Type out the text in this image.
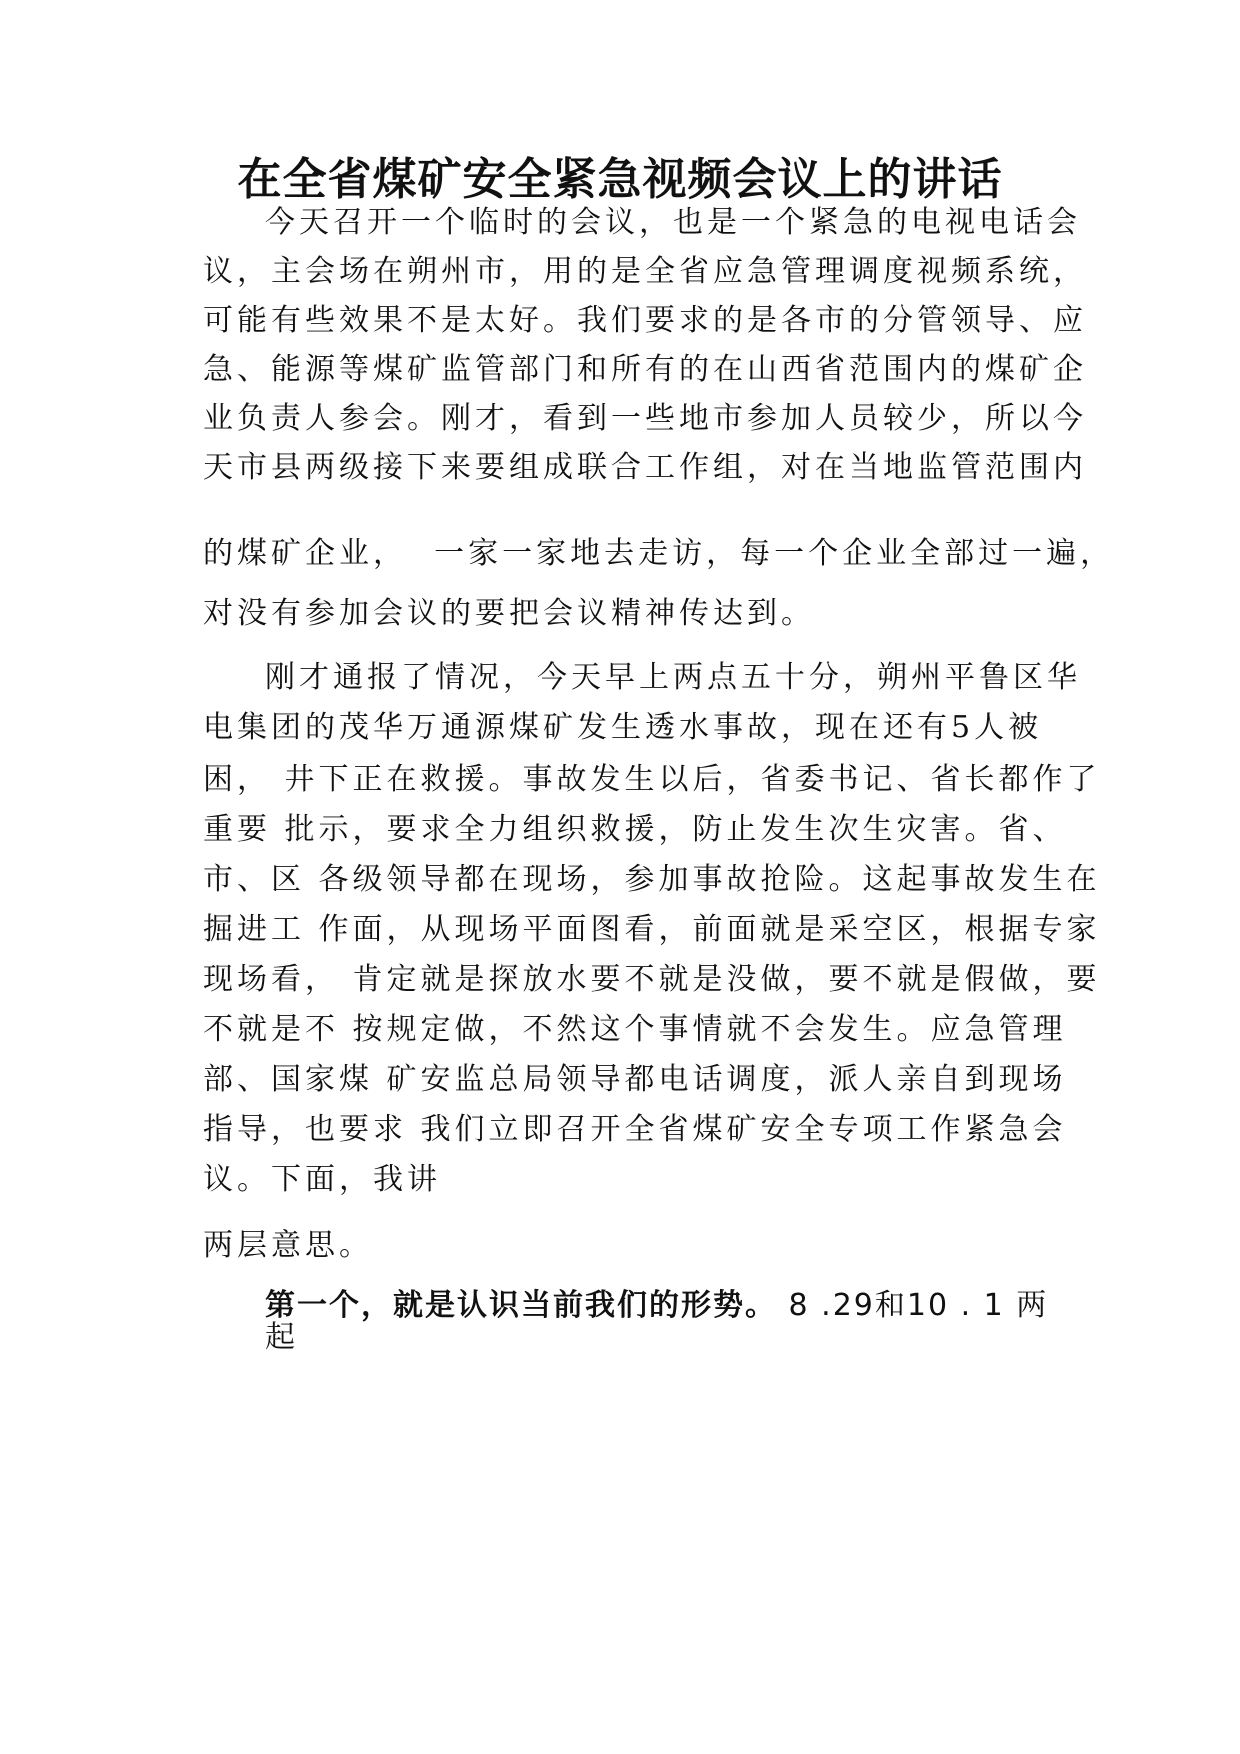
在全省煤矿安全紧急视频会议上的讲话
今天召开一个临时的会议，也是一个紧急的电视电话会
议，主会场在朔州市，用的是全省应急管理调度视频系统，
可能有些效果不是太好。我们要求的是各市的分管领导、应
急、能源等煤矿监管部门和所有的在山西省范围内的煤矿企
业负责人参会。刚才，看到一些地市参加人员较少，所以今
天市县两级接下来要组成联合工作组，对在当地监管范围内
的煤矿企业，  一家一家地去走访，每一个企业全部过一遍，
对没有参加会议的要把会议精神传达到。
刚才通报了情况，今天早上两点五十分，朔州平鲁区华
电集团的茂华万通源煤矿发生透水事故，现在还有5人被
困， 井下正在救援。事故发生以后，省委书记、省长都作了
重要 批示，要求全力组织救援，防止发生次生灾害。省、
市、区 各级领导都在现场，参加事故抢险。这起事故发生在
掘进工 作面，从现场平面图看，前面就是采空区，根据专家
现场看， 肯定就是探放水要不就是没做，要不就是假做，要
不就是不 按规定做，不然这个事情就不会发生。应急管理
部、国家煤 矿安监总局领导都电话调度，派人亲自到现场
指导，也要求 我们立即召开全省煤矿安全专项工作紧急会
议。下面，我讲
两层意思。
第一个，就是认识当前我们的形势。 8 .29和10 . 1 两
起
